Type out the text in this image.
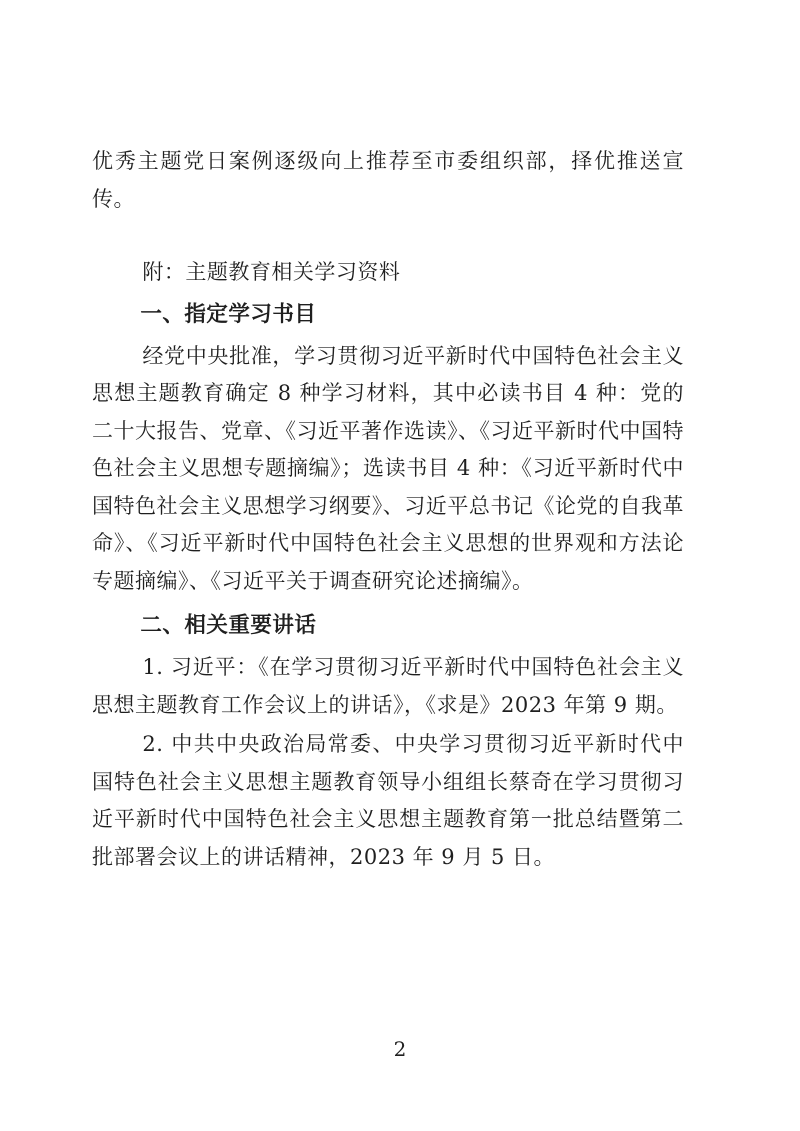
优秀主题党日案例逐级向上推荐至市委组织部，择优推送宣传。

附：主题教育相关学习资料

一、指定学习书目

经党中央批准，学习贯彻习近平新时代中国特色社会主义思想主题教育确定 8 种学习材料，其中必读书目 4 种：党的二十大报告、党章、《习近平著作选读》、《习近平新时代中国特色社会主义思想专题摘编》；选读书目 4 种：《习近平新时代中国特色社会主义思想学习纲要》、习近平总书记《论党的自我革命》、《习近平新时代中国特色社会主义思想的世界观和方法论专题摘编》、《习近平关于调查研究论述摘编》。

二、相关重要讲话

1. 习近平：《在学习贯彻习近平新时代中国特色社会主义思想主题教育工作会议上的讲话》，《求是》2023 年第 9 期。

2. 中共中央政治局常委、中央学习贯彻习近平新时代中国特色社会主义思想主题教育领导小组组长蔡奇在学习贯彻习近平新时代中国特色社会主义思想主题教育第一批总结暨第二批部署会议上的讲话精神，2023 年 9 月 5 日。

2
